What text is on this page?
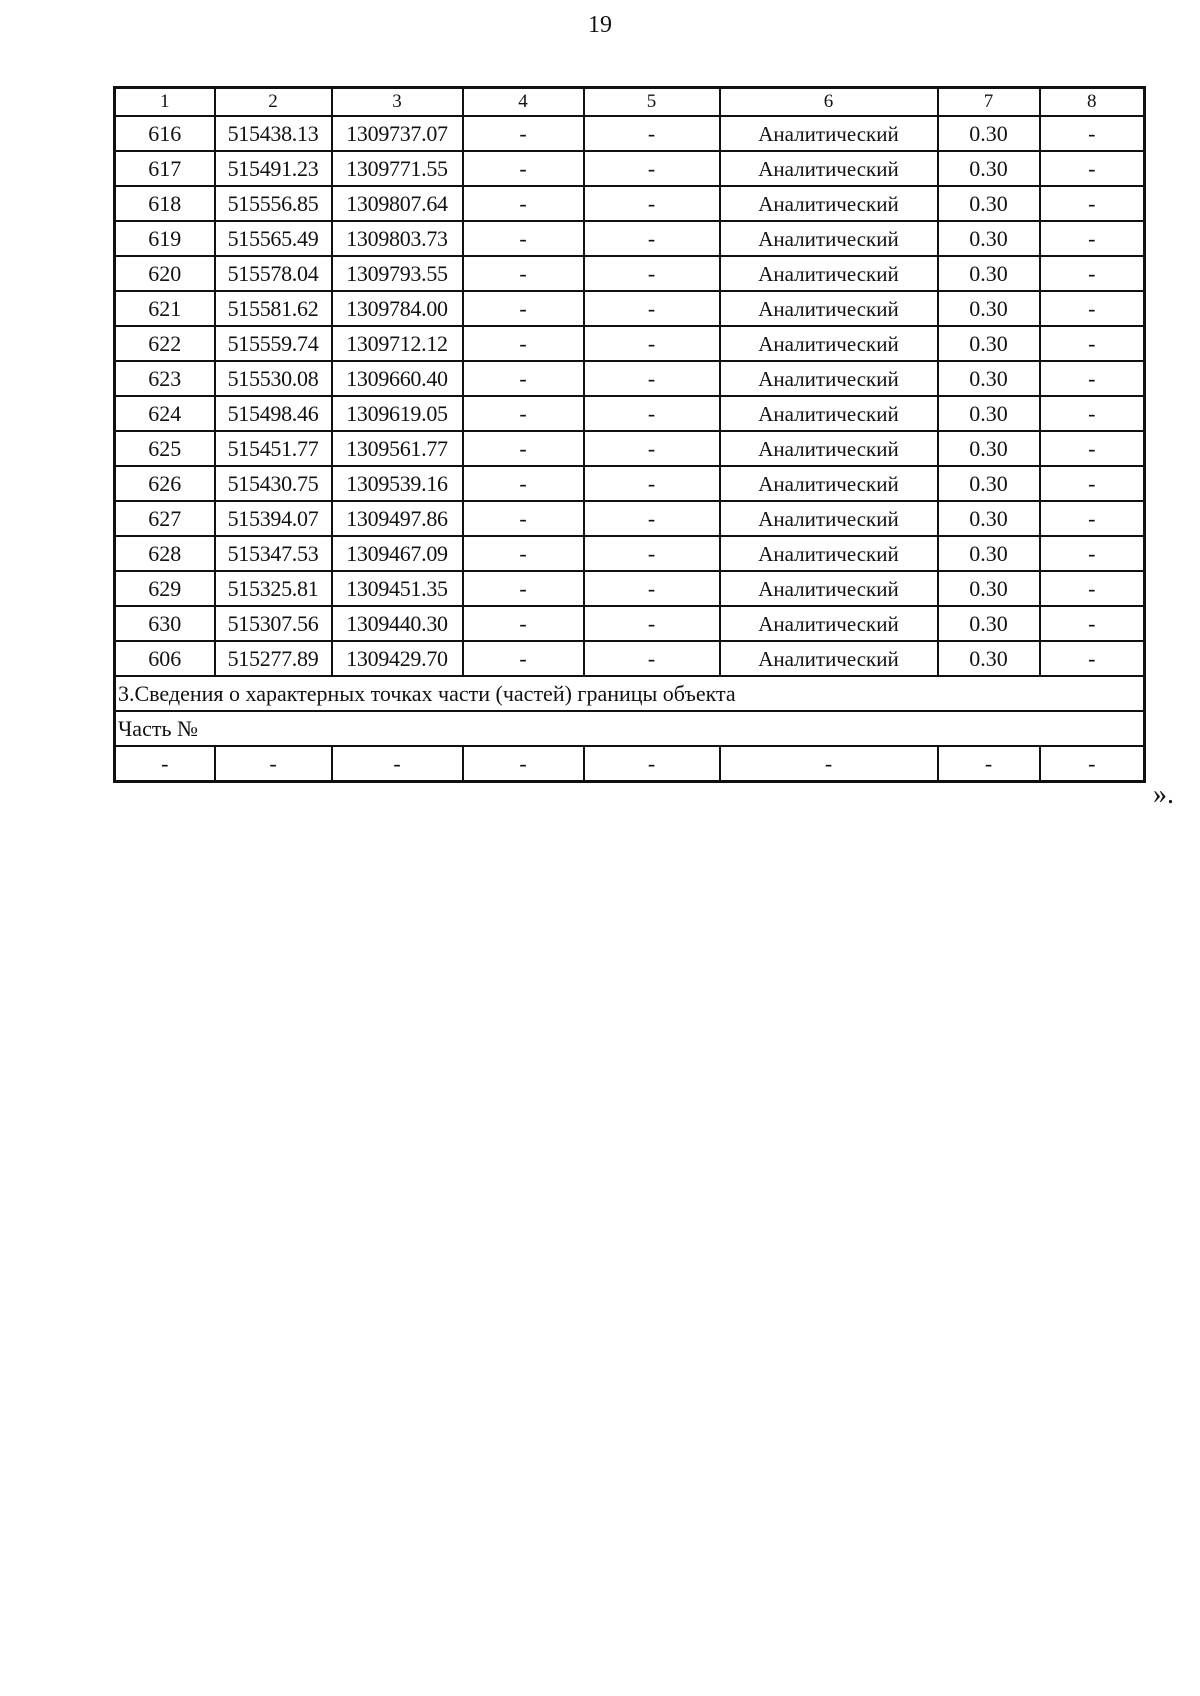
19
1	2	3	4	5	6	7	8
616	515438.13	1309737.07	-	-	Аналитический	0.30	-
617	515491.23	1309771.55	-	-	Аналитический	0.30	-
618	515556.85	1309807.64	-	-	Аналитический	0.30	-
619	515565.49	1309803.73	-	-	Аналитический	0.30	-
620	515578.04	1309793.55	-	-	Аналитический	0.30	-
621	515581.62	1309784.00	-	-	Аналитический	0.30	-
622	515559.74	1309712.12	-	-	Аналитический	0.30	-
623	515530.08	1309660.40	-	-	Аналитический	0.30	-
624	515498.46	1309619.05	-	-	Аналитический	0.30	-
625	515451.77	1309561.77	-	-	Аналитический	0.30	-
626	515430.75	1309539.16	-	-	Аналитический	0.30	-
627	515394.07	1309497.86	-	-	Аналитический	0.30	-
628	515347.53	1309467.09	-	-	Аналитический	0.30	-
629	515325.81	1309451.35	-	-	Аналитический	0.30	-
630	515307.56	1309440.30	-	-	Аналитический	0.30	-
606	515277.89	1309429.70	-	-	Аналитический	0.30	-
3.Сведения о характерных точках части (частей) границы объекта							
Часть №							
-	-	-	-	-	-	-	-
».
